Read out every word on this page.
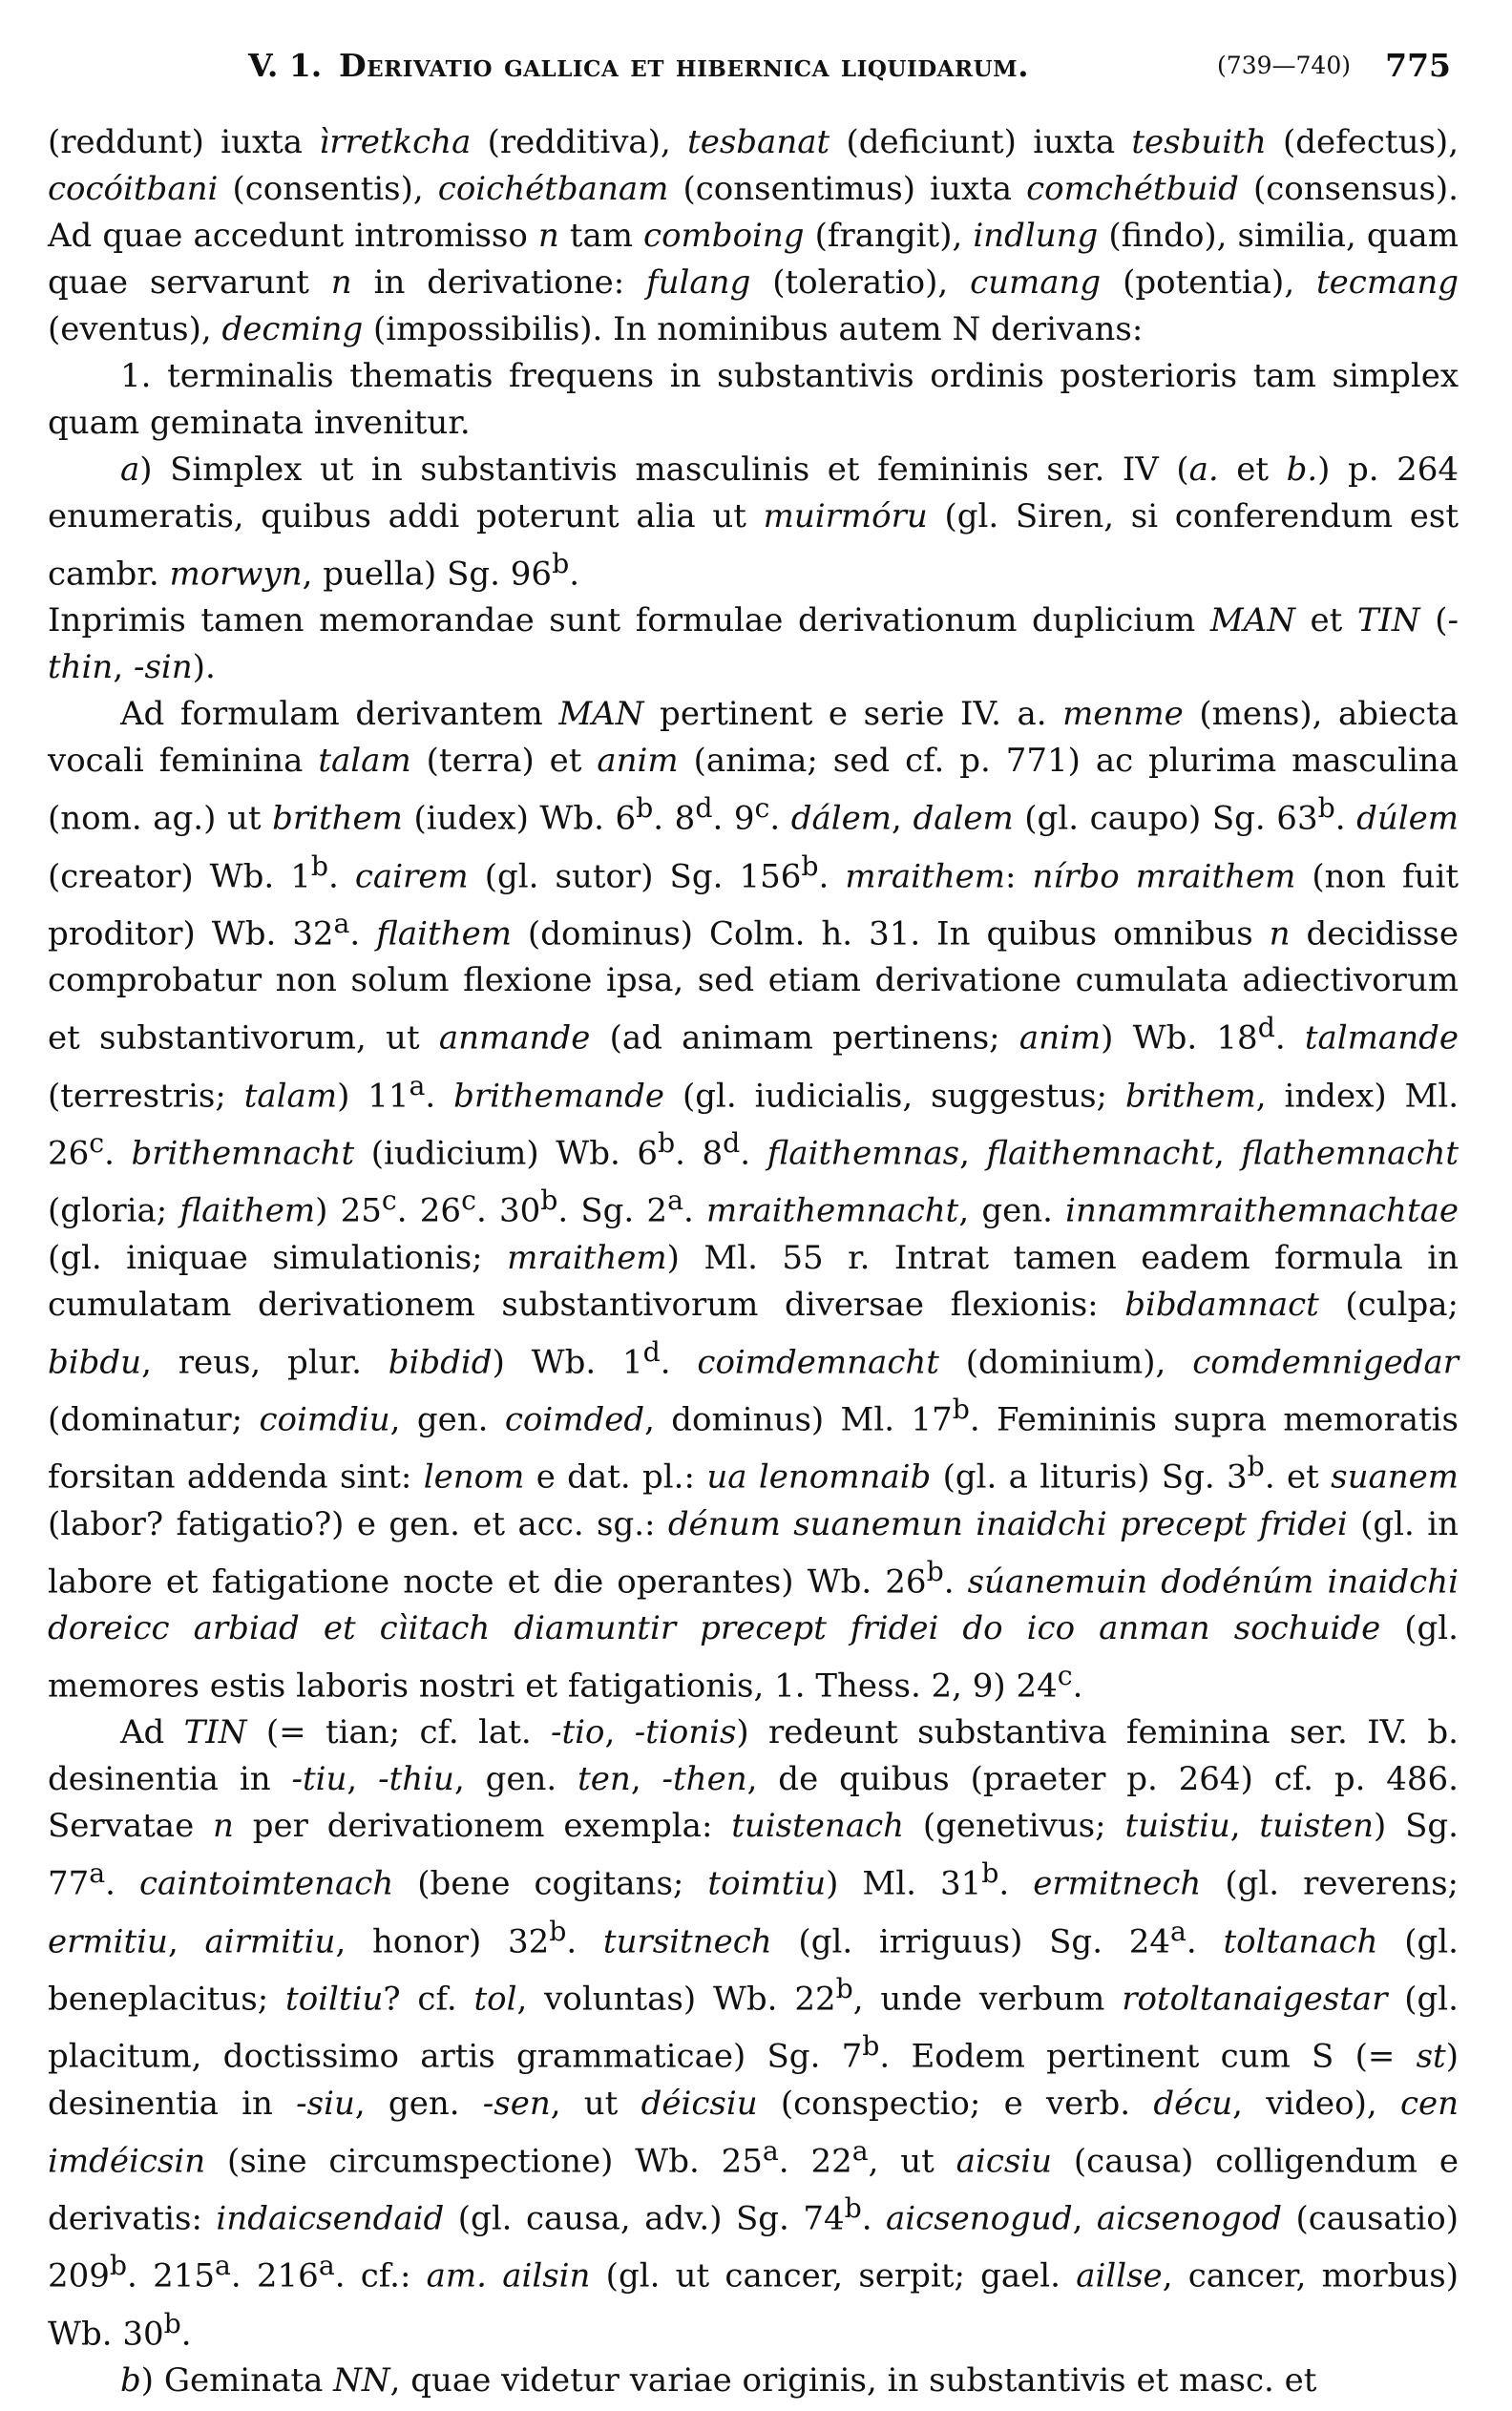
V. 1. Derivatio gallica et hibernica liquidarum.	(739—740) 775

(reddunt) iuxta ìrretkcha (redditiva), tesbanat (deficiunt) iuxta tesbuith (defectus), cocóitbani (consentis), coichétbanam (consentimus) iuxta comchétbuid (consensus). Ad quae accedunt intromisso n tam comboing (frangit), indlung (findo), similia, quam quae servarunt n in derivatione: fulang (toleratio), cumang (potentia), tecmang (eventus), decming (impossibilis). In nominibus autem N derivans:

1. terminalis thematis frequens in substantivis ordinis posterioris tam simplex quam geminata invenitur.

a) Simplex ut in substantivis masculinis et femininis ser. IV (a. et b.) p. 264 enumeratis, quibus addi poterunt alia ut muirmóru (gl. Siren, si conferendum est cambr. morwyn, puella) Sg. 96$^b$.

Inprimis tamen memorandae sunt formulae derivationum duplicium MAN et TIN (-thin, -sin).

Ad formulam derivantem MAN pertinent e serie IV. a. menme (mens), abiecta vocali feminina talam (terra) et anim (anima; sed cf. p. 771) ac plurima masculina (nom. ag.) ut brithem (iudex) Wb. 6$^b$. 8$^d$. 9$^c$. dálem, dalem (gl. caupo) Sg. 63$^b$. dúlem (creator) Wb. 1$^b$. cairem (gl. sutor) Sg. 156$^b$. mraithem: nírbo mraithem (non fuit proditor) Wb. 32$^a$. flaithem (dominus) Colm. h. 31. In quibus omnibus n decidisse comprobatur non solum flexione ipsa, sed etiam derivatione cumulata adiectivorum et substantivorum, ut anmande (ad animam pertinens; anim) Wb. 18$^d$. talmande (terrestris; talam) 11$^a$. brithemande (gl. iudicialis, suggestus; brithem, index) Ml. 26$^c$. brithemnacht (iudicium) Wb. 6$^b$. 8$^d$. flaithemnas, flaithemnacht, flathemnacht (gloria; flaithem) 25$^c$. 26$^c$. 30$^b$. Sg. 2$^a$. mraithemnacht, gen. innammraithemnachtae (gl. iniquae simulationis; mraithem) Ml. 55 r. Intrat tamen eadem formula in cumulatam derivationem substantivorum diversae flexionis: bibdamnact (culpa; bibdu, reus, plur. bibdid) Wb. 1$^d$. coimdemnacht (dominium), comdemnigedar (dominatur; coimdiu, gen. coimded, dominus) Ml. 17$^b$. Femininis supra memoratis forsitan addenda sint: lenom e dat. pl.: ua lenomnaib (gl. a lituris) Sg. 3$^b$. et suanem (labor? fatigatio?) e gen. et acc. sg.: dénum suanemun inaidchi precept fridei (gl. in labore et fatigatione nocte et die operantes) Wb. 26$^b$. súanemuin dodénúm inaidchi doreicc arbiad et cìitach diamuntir precept fridei do ico anman sochuide (gl. memores estis laboris nostri et fatigationis, 1. Thess. 2, 9) 24$^c$.

Ad TIN (= tian; cf. lat. -tio, -tionis) redeunt substantiva feminina ser. IV. b. desinentia in -tiu, -thiu, gen. ten, -then, de quibus (praeter p. 264) cf. p. 486. Servatae n per derivationem exempla: tuistenach (genetivus; tuistiu, tuisten) Sg. 77$^a$. caintoimtenach (bene cogitans; toimtiu) Ml. 31$^b$. ermitnech (gl. reverens; ermitiu, airmitiu, honor) 32$^b$. tursitnech (gl. irriguus) Sg. 24$^a$. toltanach (gl. beneplacitus; toiltiu? cf. tol, voluntas) Wb. 22$^b$, unde verbum rotoltanaigestar (gl. placitum, doctissimo artis grammaticae) Sg. 7$^b$. Eodem pertinent cum S (= st) desinentia in -siu, gen. -sen, ut déicsiu (conspectio; e verb. décu, video), cen imdéicsin (sine circumspectione) Wb. 25$^a$. 22$^a$, ut aicsiu (causa) colligendum e derivatis: indaicsendaid (gl. causa, adv.) Sg. 74$^b$. aicsenogud, aicsenogod (causatio) 209$^b$. 215$^a$. 216$^a$. cf.: am. ailsin (gl. ut cancer, serpit; gael. aillse, cancer, morbus) Wb. 30$^b$.

b) Geminata NN, quae videtur variae originis, in substantivis et masc. et
